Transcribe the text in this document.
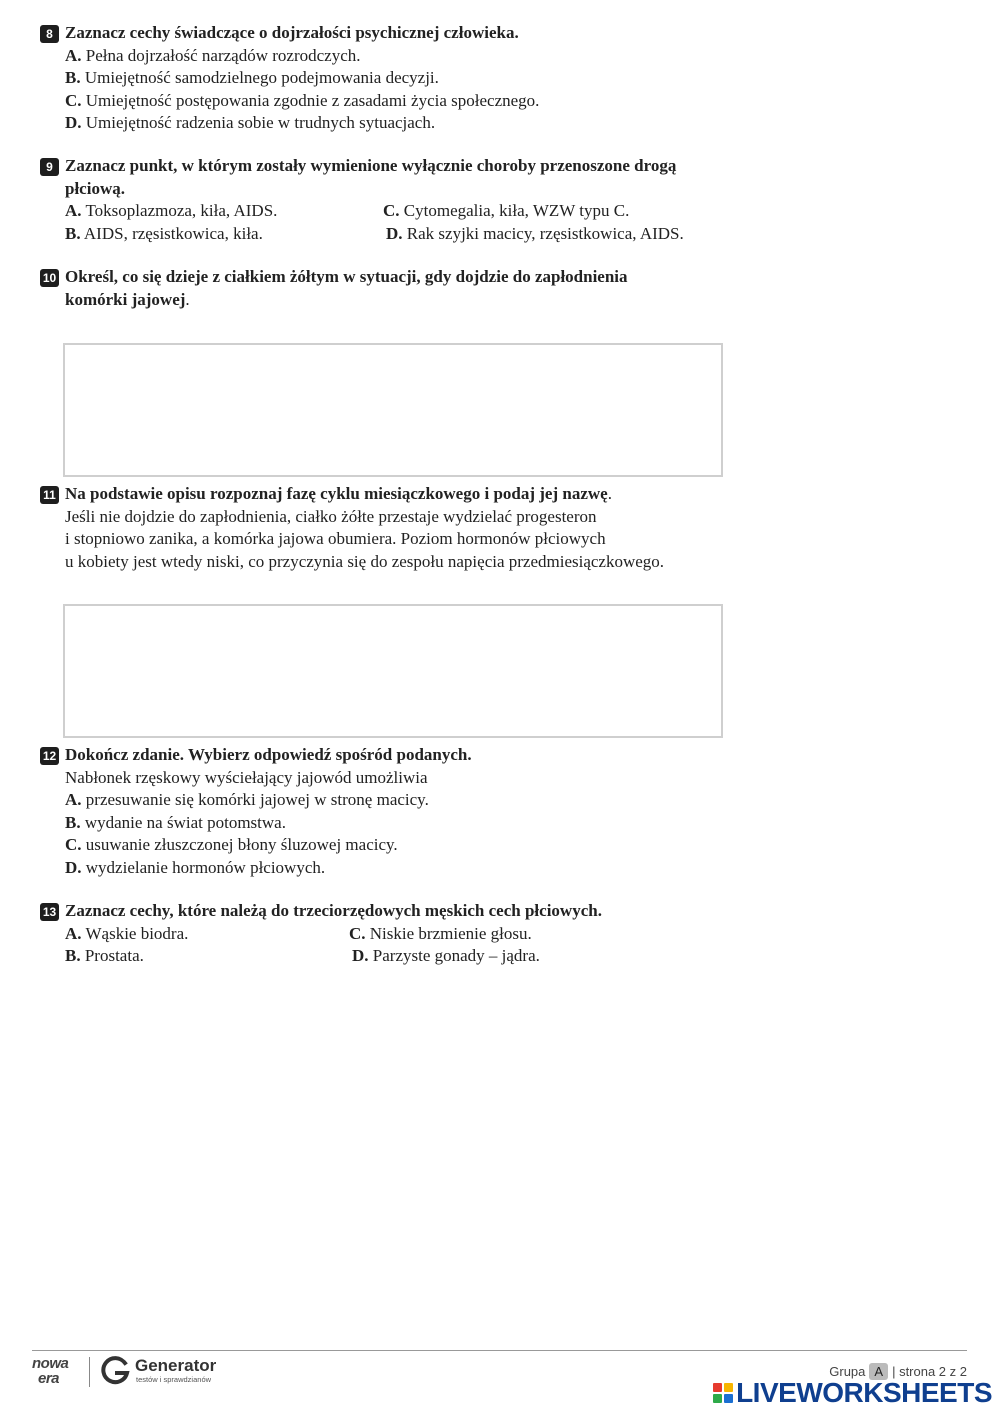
8 Zaznacz cechy świadczące o dojrzałości psychicznej człowieka.
A. Pełna dojrzałość narządów rozrodczych.
B. Umiejętność samodzielnego podejmowania decyzji.
C. Umiejętność postępowania zgodnie z zasadami życia społecznego.
D. Umiejętność radzenia sobie w trudnych sytuacjach.
9 Zaznacz punkt, w którym zostały wymienione wyłącznie choroby przenoszone drogą
płciową.
A. Toksoplazmoza, kiła, AIDS.	C. Cytomegalia, kiła, WZW typu C.
B. AIDS, rzęsistkowica, kiła.	D. Rak szyjki macicy, rzęsistkowica, AIDS.
10 Określ, co się dzieje z ciałkiem żółtym w sytuacji, gdy dojdzie do zapłodnienia
komórki jajowej.
11 Na podstawie opisu rozpoznaj fazę cyklu miesiączkowego i podaj jej nazwę.
Jeśli nie dojdzie do zapłodnienia, ciałko żółte przestaje wydzielać progesteron
i stopniowo zanika, a komórka jajowa obumiera. Poziom hormonów płciowych
u kobiety jest wtedy niski, co przyczynia się do zespołu napięcia przedmiesiączkowego.
12 Dokończ zdanie. Wybierz odpowiedź spośród podanych.
Nabłonek rzęskowy wyściełający jajowód umożliwia
A. przesuwanie się komórki jajowej w stronę macicy.
B. wydanie na świat potomstwa.
C. usuwanie złuszczonej błony śluzowej macicy.
D. wydzielanie hormonów płciowych.
13 Zaznacz cechy, które należą do trzeciorzędowych męskich cech płciowych.
A. Wąskie biodra.	C. Niskie brzmienie głosu.
B. Prostata.	D. Parzyste gonady – jądra.
nowa
era
Generator
testów i sprawdzianów
Grupa A | strona 2 z 2
LIVEWORKSHEETS
